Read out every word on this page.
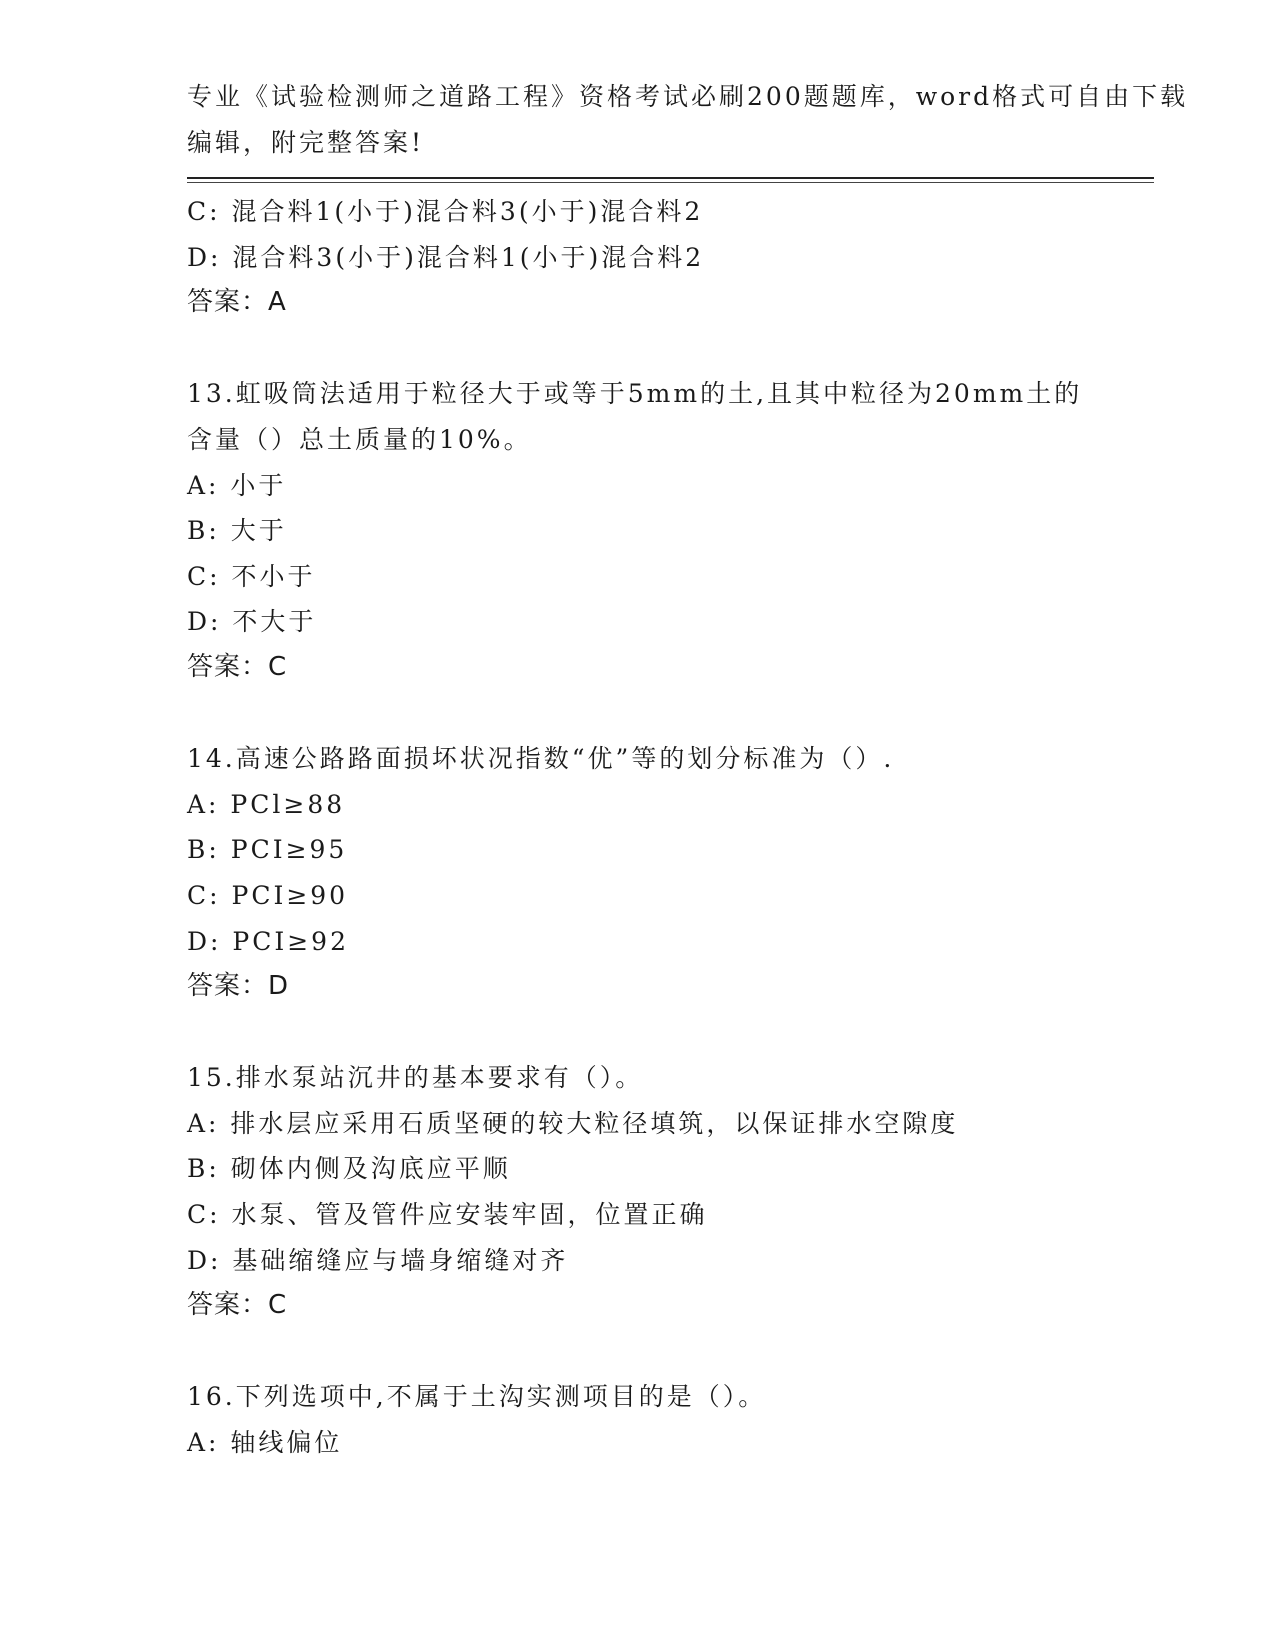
专业《试验检测师之道路工程》资格考试必刷200题题库，word格式可自由下载
编辑，附完整答案!
C: 混合料1(小于)混合料3(小于)混合料2
D: 混合料3(小于)混合料1(小于)混合料2
答案：A
13.虹吸筒法适用于粒径大于或等于5mm的土,且其中粒径为20mm土的
含量（）总土质量的10%。
A: 小于
B: 大于
C: 不小于
D: 不大于
答案：C
14.高速公路路面损坏状况指数“优”等的划分标准为（）.
A: PCl≥88
B: PCI≥95
C: PCI≥90
D: PCI≥92
答案：D
15.排水泵站沉井的基本要求有（）。
A: 排水层应采用石质坚硬的较大粒径填筑，以保证排水空隙度
B: 砌体内侧及沟底应平顺
C: 水泵、管及管件应安装牢固，位置正确
D: 基础缩缝应与墙身缩缝对齐
答案：C
16.下列选项中,不属于土沟实测项目的是（）。
A: 轴线偏位
